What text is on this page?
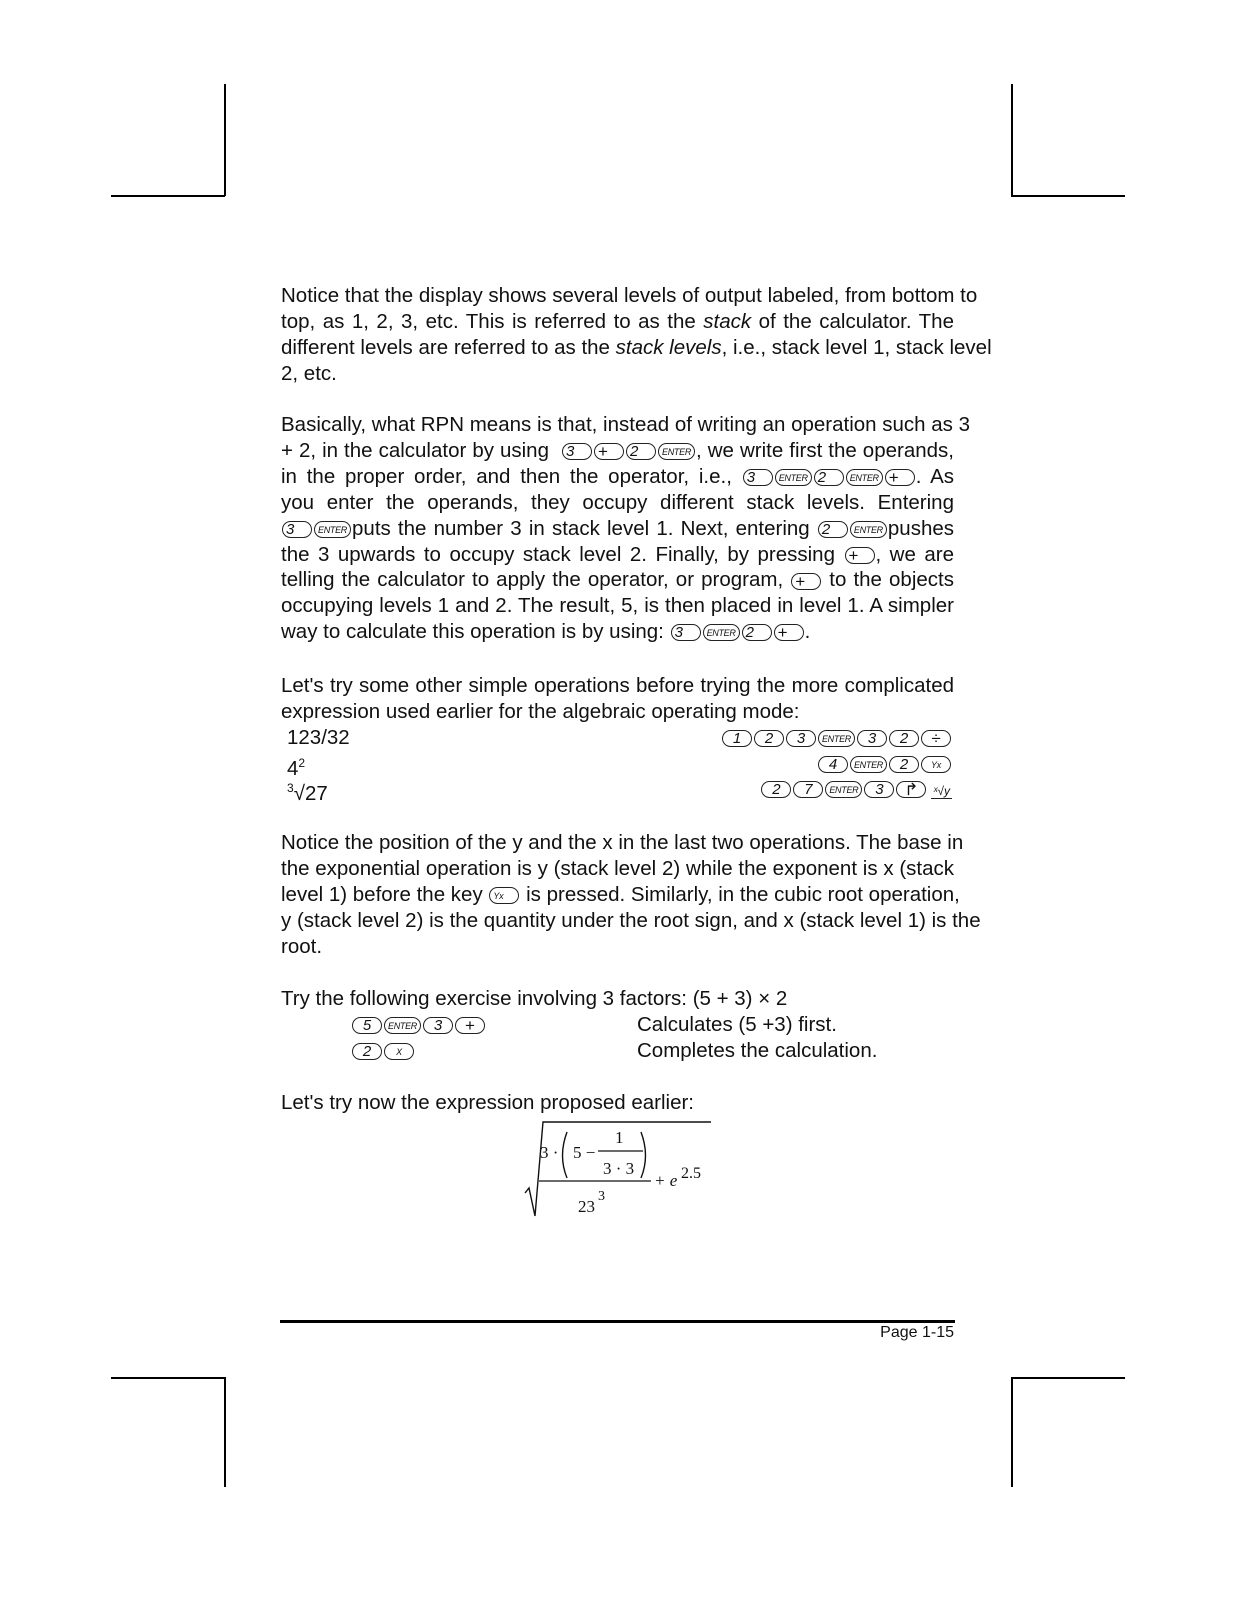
Notice that the display shows several levels of output labeled, from bottom to
top, as 1, 2, 3, etc. This is referred to as the stack of the calculator. The
different levels are referred to as the stack levels, i.e., stack level 1, stack level
2, etc.
Basically, what RPN means is that, instead of writing an operation such as 3
+ 2, in the calculator by using 3 + 2	ENTER , we write first the operands,
in the proper order, and then the operator, i.e., 3	ENTER 2	ENTER + . As
you enter the operands, they occupy different stack levels. Entering
3	ENTER puts the number 3 in stack level 1. Next, entering 2	ENTER pushes
the 3 upwards to occupy stack level 2. Finally, by pressing + , we are
telling the calculator to apply the operator, or program, + to the objects
occupying levels 1 and 2. The result, 5, is then placed in level 1. A simpler
way to calculate this operation is by using: 3	ENTER 2 + .
Let's try some other simple operations before trying the more complicated
expression used earlier for the algebraic operating mode:
123/32	1 2 3 ENTER 3 2 ÷
$4^2$	4 ENTER 2	Yx
$^3$√27	2 7 ENTER 3 ↱ ˣ√y
Notice the position of the y and the x in the last two operations. The base in
the exponential operation is y (stack level 2) while the exponent is x (stack
level 1) before the key Yx is pressed. Similarly, in the cubic root operation,
y (stack level 2) is the quantity under the root sign, and x (stack level 1) is the
root.
Try the following exercise involving 3 factors: (5 + 3) × 2
5 ENTER 3 +	Calculates (5 +3) first.
2	X	Completes the calculation.
Let's try now the expression proposed earlier:
3 · 5 −
1
3 · 3
23
3
+ e 2.5
Page 1-15
